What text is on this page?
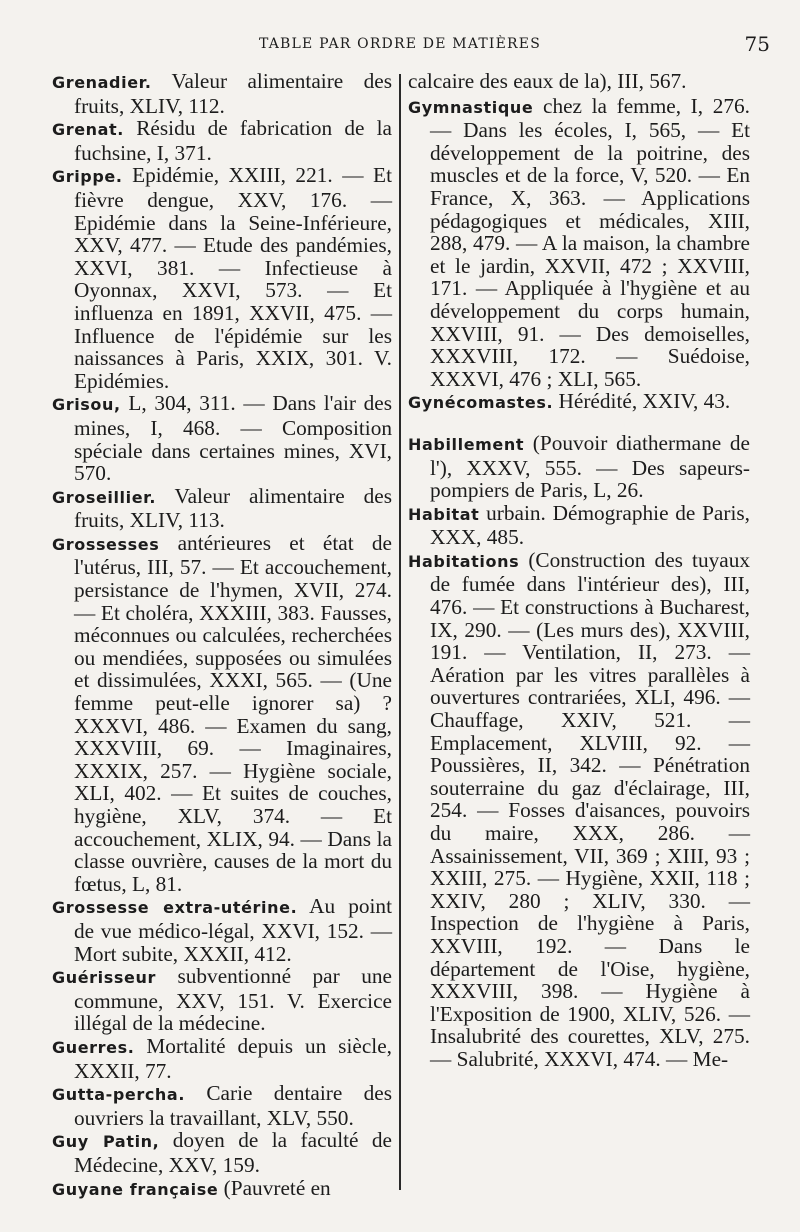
TABLE PAR ORDRE DE MATIÈRES	75

Grenadier. Valeur alimentaire des fruits, XLIV, 112.

Grenat. Résidu de fabrication de la fuchsine, I, 371.

Grippe. Epidémie, XXIII, 221. — Et fièvre dengue, XXV, 176. — Epidémie dans la Seine-Inférieure, XXV, 477. — Etude des pandémies, XXVI, 381. — Infectieuse à Oyonnax, XXVI, 573. — Et influenza en 1891, XXVII, 475. — Influence de l'épidémie sur les naissances à Paris, XXIX, 301. V. Epidémies.

Grisou, L, 304, 311. — Dans l'air des mines, I, 468. — Composition spéciale dans certaines mines, XVI, 570.

Groseillier. Valeur alimentaire des fruits, XLIV, 113.

Grossesses antérieures et état de l'utérus, III, 57. — Et accouchement, persistance de l'hymen, XVII, 274. — Et choléra, XXXIII, 383. Fausses, méconnues ou calculées, recherchées ou mendiées, supposées ou simulées et dissimulées, XXXI, 565. — (Une femme peut-elle ignorer sa) ? XXXVI, 486. — Examen du sang, XXXVIII, 69. — Imaginaires, XXXIX, 257. — Hygiène sociale, XLI, 402. — Et suites de couches, hygiène, XLV, 374. — Et accouchement, XLIX, 94. — Dans la classe ouvrière, causes de la mort du fœtus, L, 81.

Grossesse extra-utérine. Au point de vue médico-légal, XXVI, 152. — Mort subite, XXXII, 412.

Guérisseur subventionné par une commune, XXV, 151. V. Exercice illégal de la médecine.

Guerres. Mortalité depuis un siècle, XXXII, 77.

Gutta-percha. Carie dentaire des ouvriers la travaillant, XLV, 550.

Guy Patin, doyen de la faculté de Médecine, XXV, 159.

Guyane française (Pauvreté en

calcaire des eaux de la), III, 567.

Gymnastique chez la femme, I, 276. — Dans les écoles, I, 565, — Et développement de la poitrine, des muscles et de la force, V, 520. — En France, X, 363. — Applications pédagogiques et médicales, XIII, 288, 479. — A la maison, la chambre et le jardin, XXVII, 472 ; XXVIII, 171. — Appliquée à l'hygiène et au développement du corps humain, XXVIII, 91. — Des demoiselles, XXXVIII, 172. — Suédoise, XXXVI, 476 ; XLI, 565.

Gynécomastes. Hérédité, XXIV, 43.

Habillement (Pouvoir diathermane de l'), XXXV, 555. — Des sapeurs-pompiers de Paris, L, 26.

Habitat urbain. Démographie de Paris, XXX, 485.

Habitations (Construction des tuyaux de fumée dans l'intérieur des), III, 476. — Et constructions à Bucharest, IX, 290. — (Les murs des), XXVIII, 191. — Ventilation, II, 273. — Aération par les vitres parallèles à ouvertures contrariées, XLI, 496. — Chauffage, XXIV, 521. — Emplacement, XLVIII, 92. — Poussières, II, 342. — Pénétration souterraine du gaz d'éclairage, III, 254. — Fosses d'aisances, pouvoirs du maire, XXX, 286. — Assainissement, VII, 369 ; XIII, 93 ; XXIII, 275. — Hygiène, XXII, 118 ; XXIV, 280 ; XLIV, 330. — Inspection de l'hygiène à Paris, XXVIII, 192. — Dans le département de l'Oise, hygiène, XXXVIII, 398. — Hygiène à l'Exposition de 1900, XLIV, 526. — Insalubrité des courettes, XLV, 275. — Salubrité, XXXVI, 474. — Me-
